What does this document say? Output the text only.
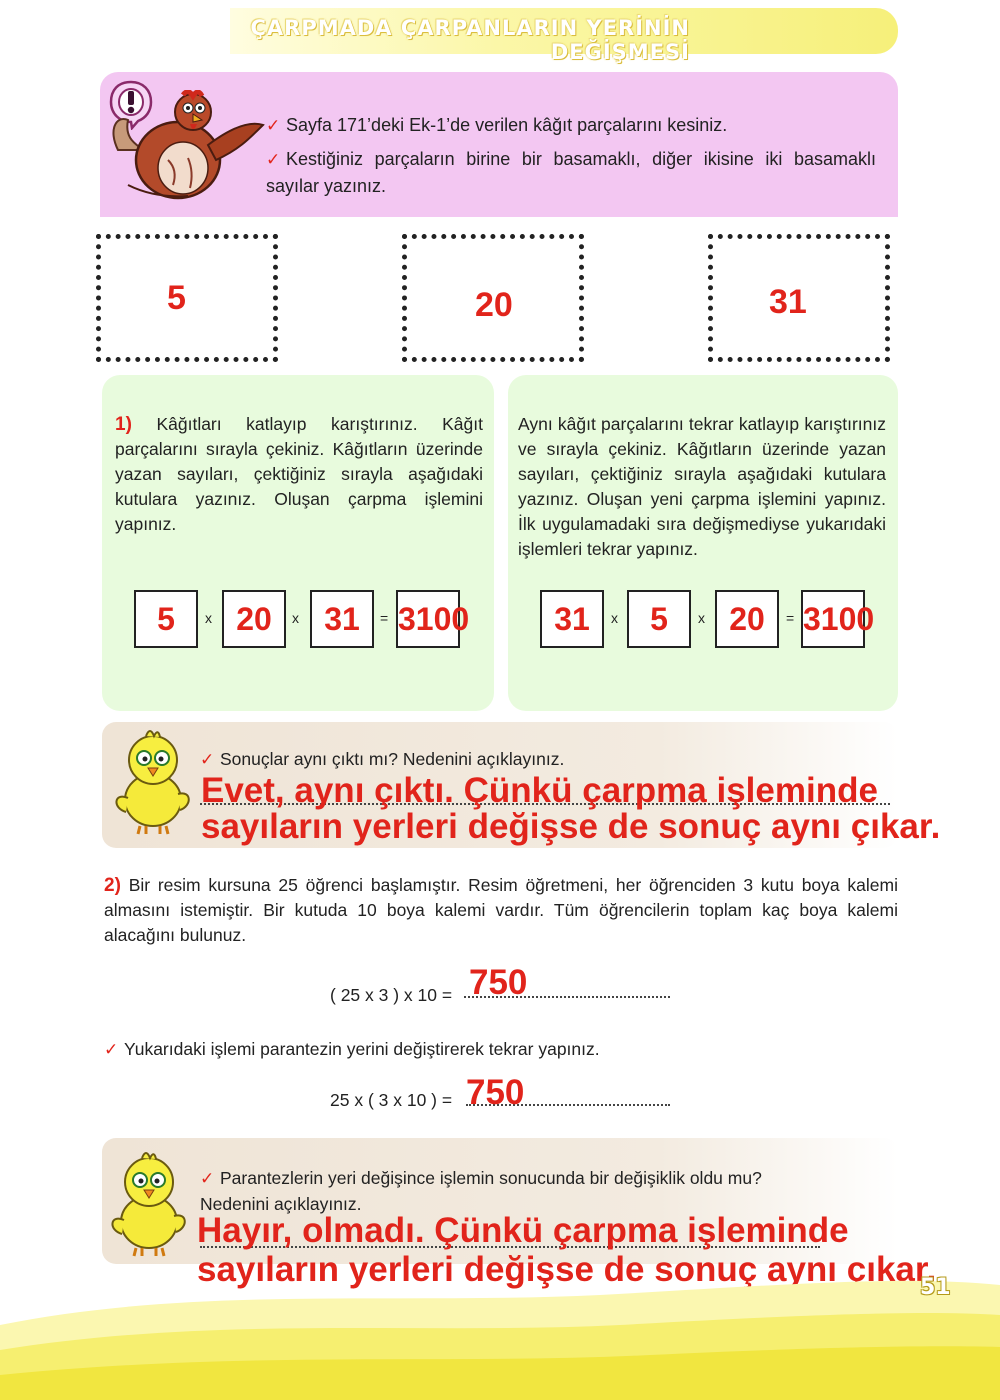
ÇARPMADA ÇARPANLARIN YERİNİN DEĞİŞMESİ
✓ Sayfa 171’deki Ek-1’de verilen kâğıt parçalarını kesiniz.
✓ Kestiğiniz parçaların birine bir basamaklı, diğer ikisine iki basamaklı sayılar yazınız.
5	20	31
1) Kâğıtları katlayıp karıştırınız. Kâğıt parçalarını sırayla çekiniz. Kâğıtların üzerinde yazan sayıları, çektiğiniz sırayla aşağıdaki kutulara yazınız. Oluşan çarpma işlemini yapınız.
5	x 20	x 31	= 3100
Aynı kâğıt parçalarını tekrar katlayıp karıştırınız ve sırayla çekiniz. Kâğıtların üzerinde yazan sayıları, çektiğiniz sırayla aşağıdaki kutulara yazınız. Oluşan yeni çarpma işlemini yapınız. İlk uygulamadaki sıra değişmediyse yukarıdaki işlemleri tekrar yapınız.
31	x	5	x 20	= 3100
✓ Sonuçlar aynı çıktı mı? Nedenini açıklayınız.
Evet, aynı çıktı. Çünkü çarpma işleminde
sayıların yerleri değişse de sonuç aynı çıkar.
2) Bir resim kursuna 25 öğrenci başlamıştır. Resim öğretmeni, her öğrenciden 3 kutu boya kalemi almasını istemiştir. Bir kutuda 10 boya kalemi vardır. Tüm öğrencilerin toplam kaç boya kalemi alacağını bulunuz.
( 25 x 3 ) x 10 = 750
✓ Yukarıdaki işlemi parantezin yerini değiştirerek tekrar yapınız.
25 x ( 3 x 10 ) = 750
✓ Parantezlerin yeri değişince işlemin sonucunda bir değişiklik oldu mu?
Nedenini açıklayınız.
Hayır, olmadı. Çünkü çarpma işleminde
sayıların yerleri değişse de sonuç aynı çıkar.
51
